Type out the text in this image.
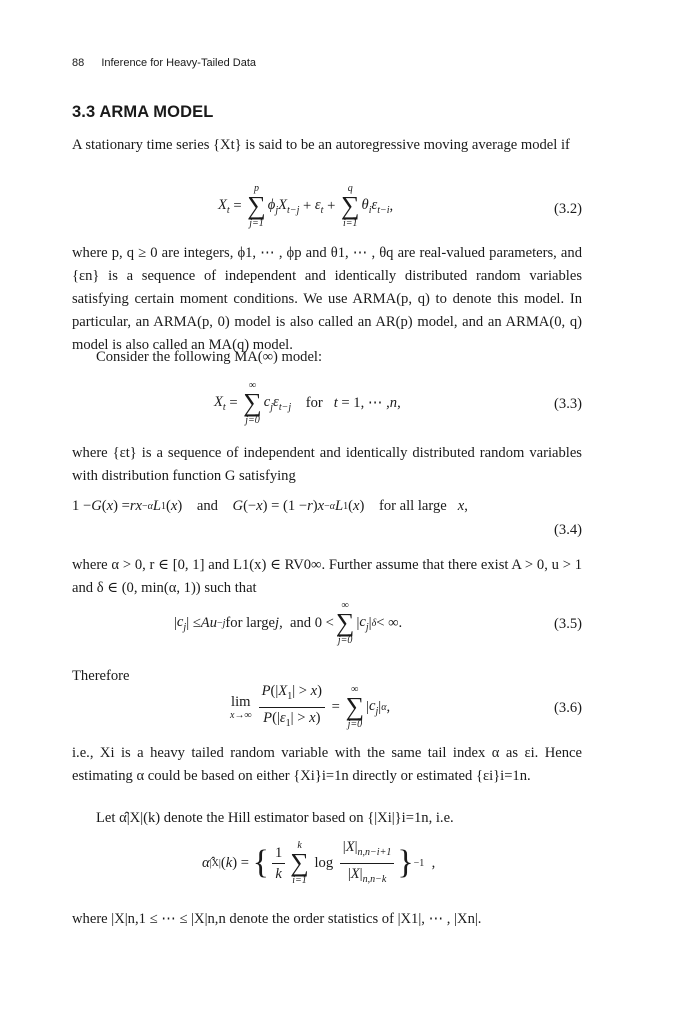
88 Inference for Heavy-Tailed Data
3.3 ARMA MODEL
A stationary time series {Xt} is said to be an autoregressive moving average model if
$X_t$ =
p
∑
j=1
$\phi_jX_{t-j} + \varepsilon_t$ +
q
∑
i=1
$\theta_i\varepsilon_{t-i}$ ,	(3.2)
where p, q ≥ 0 are integers, ϕ1, ⋯ , ϕp and θ1, ⋯ , θq are real-valued parameters, and {εn} is a sequence of independent and identically distributed random variables satisfying certain moment conditions. We use ARMA(p, q) to denote this model. In particular, an ARMA(p, 0) model is also called an AR(p) model, and an ARMA(0, q) model is also called an MA(q) model.
Consider the following MA(∞) model:
$X_t$ =
∞
∑
j=0
$c_j\varepsilon_{t-j}$ for t = 1, ⋯ , n ,	(3.3)
where {εt} is a sequence of independent and identically distributed random variables with distribution function G satisfying
1 − G ( x ) = rx −α L 1 ( x )    and G (− x ) = (1 − r ) x −α L 1 ( x )    for all large x ,
(3.4)
where α > 0, r ∈ [0, 1] and L1(x) ∈ RV0∞. Further assume that there exist A > 0, u > 1 and δ ∈ (0, min(α, 1)) such that
| $c_j$ | ≤ Au −j for large j ,  and 0 <
∞
∑
j=0
| $c_j$ | δ < ∞.	(3.5)
Therefore
lim
$x\to\infty \frac{P(|X_1| > x)}{P(|\varepsilon_1| > x)}$ =
∞
∑
j=0
| $c_j$ | α ,	(3.6)
i.e., Xi is a heavy tailed random variable with the same tail index α as εi. Hence estimating α could be based on either {Xi}i=1n directly or estimated {εi}i=1n.
Let α̂|X|(k) denote the Hill estimator based on {|Xi|}i=1n, i.e.
α̂ |X| ( k ) = { $\frac{1}{k}$ k
∑
i=1
$\log \frac{|X|_{n,n-i+1}}{|X|_{n,n-k}}$ } −1 ,
where |X|n,1 ≤ ⋯ ≤ |X|n,n denote the order statistics of |X1|, ⋯ , |Xn|.
